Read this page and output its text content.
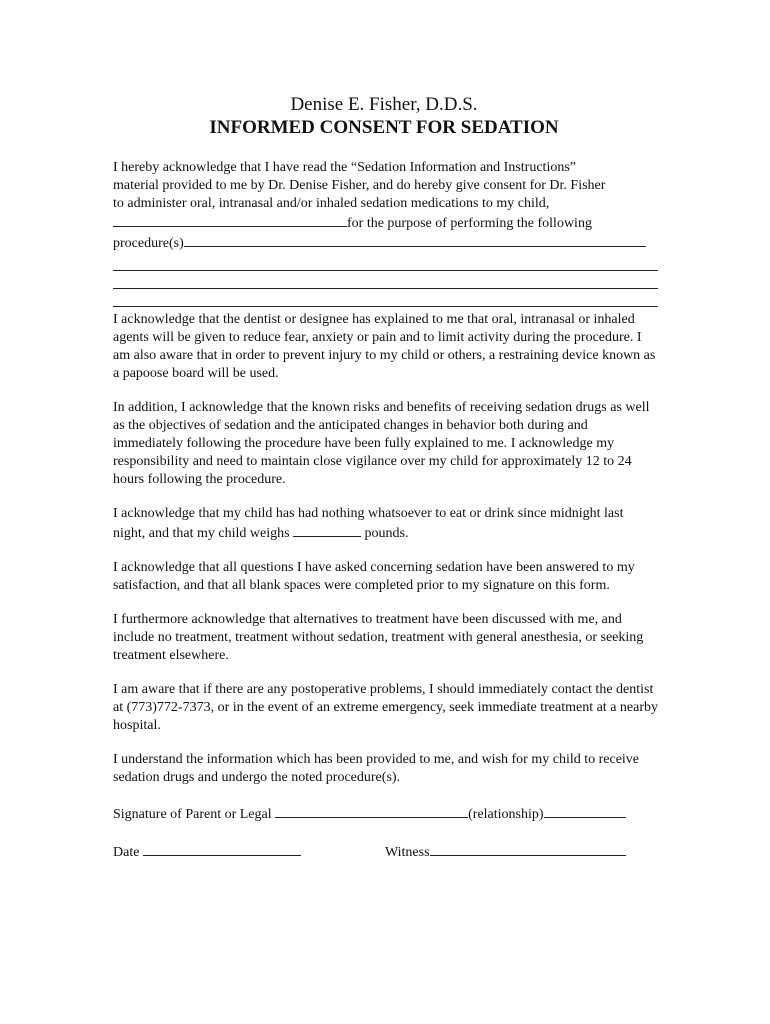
Denise E. Fisher, D.D.S.

INFORMED CONSENT FOR SEDATION

I hereby acknowledge that I have read the “Sedation Information and Instructions”
material provided to me by Dr. Denise Fisher, and do hereby give consent for Dr. Fisher
to administer oral, intranasal and/or inhaled sedation medications to my child,
for the purpose of performing the following
procedure(s)

I acknowledge that the dentist or designee has explained to me that oral, intranasal or inhaled agents will be given to reduce fear, anxiety or pain and to limit activity during the procedure. I am also aware that in order to prevent injury to my child or others, a restraining device known as a papoose board will be used.

In addition, I acknowledge that the known risks and benefits of receiving sedation drugs as well as the objectives of sedation and the anticipated changes in behavior both during and immediately following the procedure have been fully explained to me. I acknowledge my responsibility and need to maintain close vigilance over my child for approximately 12 to 24 hours following the procedure.

I acknowledge that my child has had nothing whatsoever to eat or drink since midnight last night, and that my child weighs	pounds.

I acknowledge that all questions I have asked concerning sedation have been answered to my satisfaction, and that all blank spaces were completed prior to my signature on this form.

I furthermore acknowledge that alternatives to treatment have been discussed with me, and include no treatment, treatment without sedation, treatment with general anesthesia, or seeking treatment elsewhere.

I am aware that if there are any postoperative problems, I should immediately contact the dentist at (773)772-7373, or in the event of an extreme emergency, seek immediate treatment at a nearby hospital.

I understand the information which has been provided to me, and wish for my child to receive sedation drugs and undergo the noted procedure(s).

Signature of Parent or Legal	(relationship)

Date	Witness
